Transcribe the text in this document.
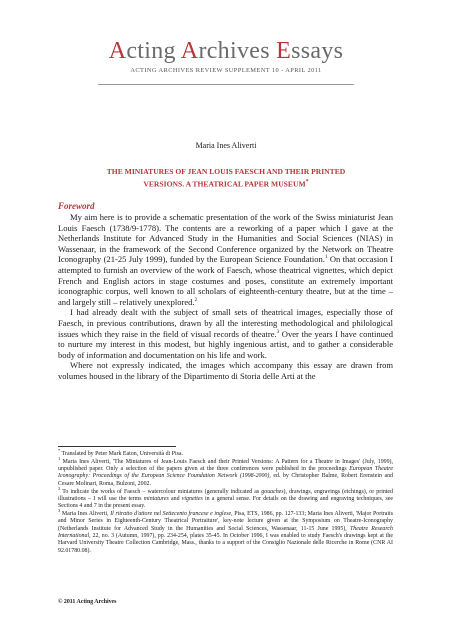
Acting Archives Essays
ACTING ARCHIVES REVIEW SUPPLEMENT 10 - APRIL 2011
Maria Ines Aliverti
THE MINIATURES OF JEAN LOUIS FAESCH AND THEIR PRINTED
VERSIONS. A THEATRICAL PAPER MUSEUM*
Foreword

My aim here is to provide a schematic presentation of the work of the Swiss miniaturist Jean Louis Faesch (1738/9-1778). The contents are a reworking of a paper which I gave at the Netherlands Institute for Advanced Study in the Humanities and Social Sciences (NIAS) in Wassenaar, in the framework of the Second Conference organized by the Network on Theatre Iconography (21-25 July 1999), funded by the European Science Foundation.$^1$ On that occasion I attempted to furnish an overview of the work of Faesch, whose theatrical vignettes, which depict French and English actors in stage costumes and poses, constitute an extremely important iconographic corpus, well known to all scholars of eighteenth-century theatre, but at the time – and largely still – relatively unexplored.$^2$

I had already dealt with the subject of small sets of theatrical images, especially those of Faesch, in previous contributions, drawn by all the interesting methodological and philological issues which they raise in the field of visual records of theatre.$^3$ Over the years I have continued to nurture my interest in this modest, but highly ingenious artist, and to gather a considerable body of information and documentation on his life and work.

Where not expressly indicated, the images which accompany this essay are drawn from volumes housed in the library of the Dipartimento di Storia delle Arti at the

* Translated by Peter Mark Eaton, Università di Pisa.

$^1$ Maria Ines Aliverti, 'The Miniatures of Jean-Louis Faesch and their Printed Versions: A Pattern for a Theatre in Images' (July, 1999), unpublished paper. Only a selection of the papers given at the three conferences were published in the proceedings European Theatre Iconography: Proceedings of the European Science Foundation Network (1998-2000), ed. by Christopher Balme, Robert Erenstein and Cesare Molinari, Roma, Bulzoni, 2002.

$^2$ To indicate the works of Faesch – watercolour miniatures (generally indicated as gouaches), drawings, engravings (etchings), or printed illustrations – I will use the terms miniatures and vignettes in a general sense. For details on the drawing and engraving techniques, see Sections 4 and 7 in the present essay.

$^3$ Maria Ines Aliverti, Il ritratto d'attore nel Settecento francese e inglese, Pisa, ETS, 1986, pp. 127-133; Maria Ines Aliverti, 'Major Portraits and Minor Series in Eighteenth-Century Theatrical Portraiture', key-note lecture given at the Symposium on Theatre-Iconography (Netherlands Institute for Advanced Study in the Humanities and Social Sciences, Wassenaar, 11-15 June 1995), Theatre Research International, 22, no. 3 (Autumn, 1997), pp. 234-254, plates 35-45. In October 1996, I was enabled to study Faesch's drawings kept at the Harvard University Theatre Collection Cambridge, Mass., thanks to a support of the Consiglio Nazionale delle Ricerche in Rome (CNR AI 92.01780.08).

© 2011 Acting Archives
